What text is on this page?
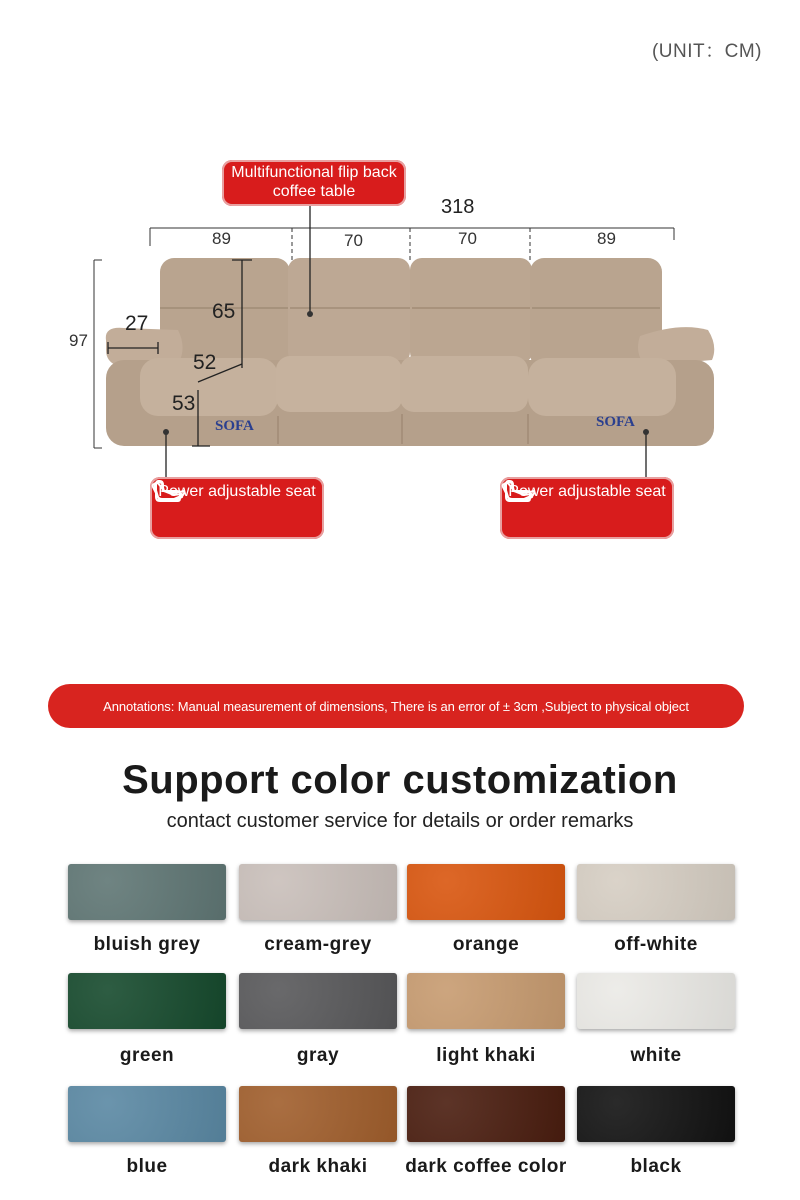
(UNIT：CM)
318
89	70	70	89
97
27
65
52
53
SOFA	SOFA
Multifunctional flip back coffee table
Power adjustable seat	Power adjustable seat
Annotations: Manual measurement of dimensions, There is an error of ± 3cm ,Subject to physical object
Support color customization
contact customer service for details or order remarks
bluish grey	cream-grey	orange	off-white
green	gray	light khaki	white
blue	dark khaki	dark coffee color	black
